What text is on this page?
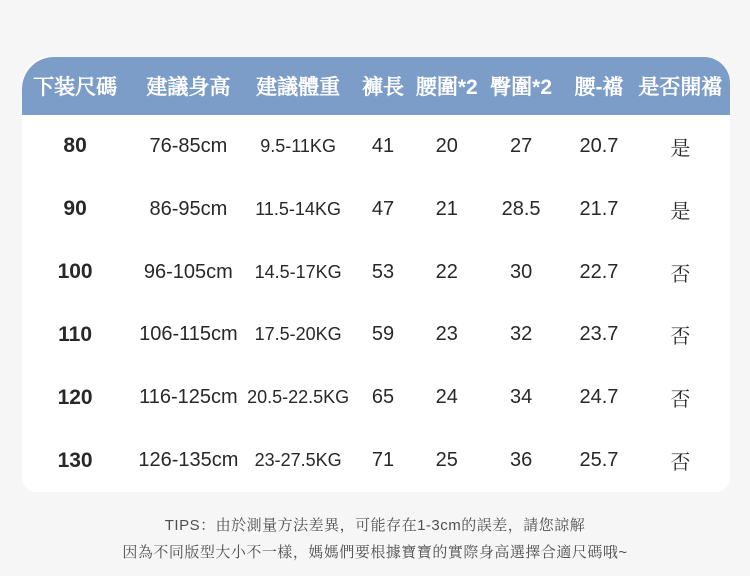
下装尺碼	建議身高	建議體重	褲長 腰圍*2 臀圍*2	腰-襠 是否開襠
80	76-85cm	9.5-11KG	41	20	27	20.7	是
90	86-95cm	11.5-14KG	47	21	28.5	21.7	是
100	96-105cm	14.5-17KG	53	22	30	22.7	否
110	106-115cm 17.5-20KG	59	23	32	23.7	否
120	116-125cm 20.5-22.5KG	65	24	34	24.7	否
130	126-135cm 23-27.5KG	71	25	36	25.7	否
TIPS：由於測量方法差異，可能存在1-3cm的誤差，請您諒解
因為不同版型大小不一樣，媽媽們要根據寶寶的實際身高選擇合適尺碼哦~
